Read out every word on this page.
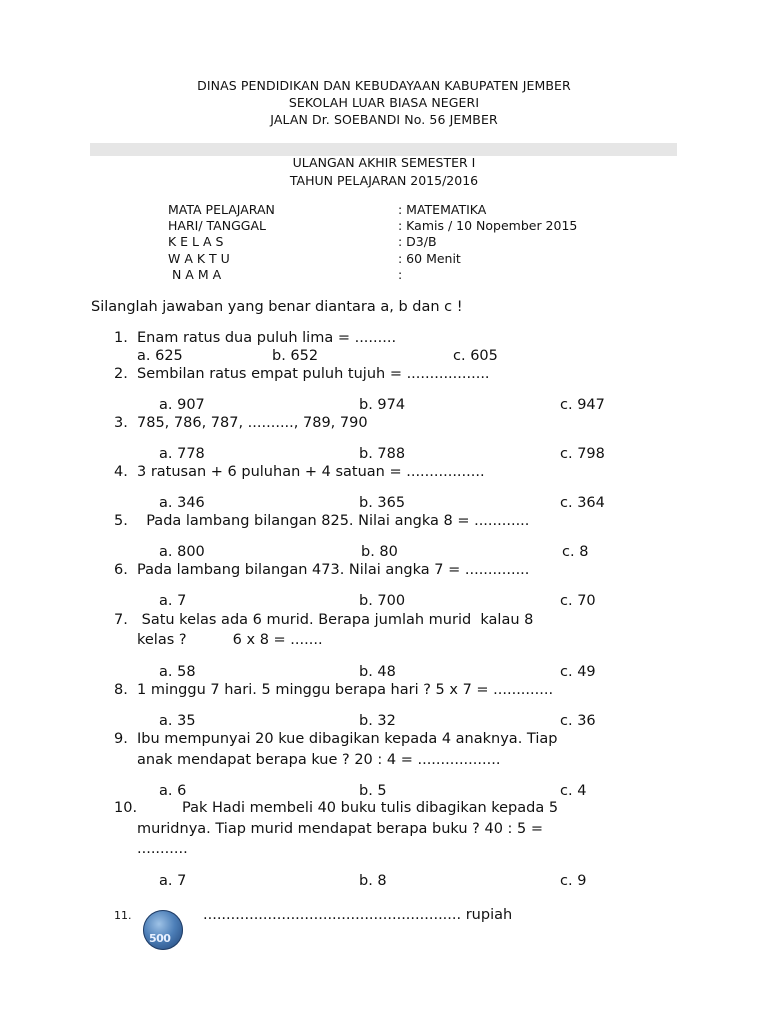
DINAS PENDIDIKAN DAN KEBUDAYAAN KABUPATEN JEMBER
SEKOLAH LUAR BIASA NEGERI
JALAN Dr. SOEBANDI No. 56 JEMBER
ULANGAN AKHIR SEMESTER I
TAHUN PELAJARAN 2015/2016
MATA PELAJARAN	: MATEMATIKA
HARI/ TANGGAL	: Kamis / 10 Nopember 2015
K E L A S	: D3/B
W A K T U	: 60 Menit
N A M A	:
Silanglah jawaban yang benar diantara a, b dan c !
1. Enam ratus dua puluh lima = .........
a. 625	b. 652	c. 605
2. Sembilan ratus empat puluh tujuh = ..................
a. 907	b. 974	c. 947
3. 785, 786, 787, .........., 789, 790
a. 778	b. 788	c. 798
4. 3 ratusan + 6 puluhan + 4 satuan = .................
a. 346	b. 365	c. 364
5. Pada lambang bilangan 825. Nilai angka 8 = ............
a. 800	b. 80	c. 8
6. Pada lambang bilangan 473. Nilai angka 7 = ..............
a. 7	b. 700	c. 70
7. Satu kelas ada 6 murid. Berapa jumlah murid  kalau 8
kelas ?          6 x 8 = .......
a. 58	b. 48	c. 49
8. 1 minggu 7 hari. 5 minggu berapa hari ? 5 x 7 = .............
a. 35	b. 32	c. 36
9. Ibu mempunyai 20 kue dibagikan kepada 4 anaknya. Tiap
anak mendapat berapa kue ? 20 : 4 = ..................
a. 6	b. 5	c. 4
10.	Pak Hadi membeli 40 buku tulis dibagikan kepada 5
muridnya. Tiap murid mendapat berapa buku ? 40 : 5 =
...........
a. 7	b. 8	c. 9
11.
500
........................................................ rupiah
